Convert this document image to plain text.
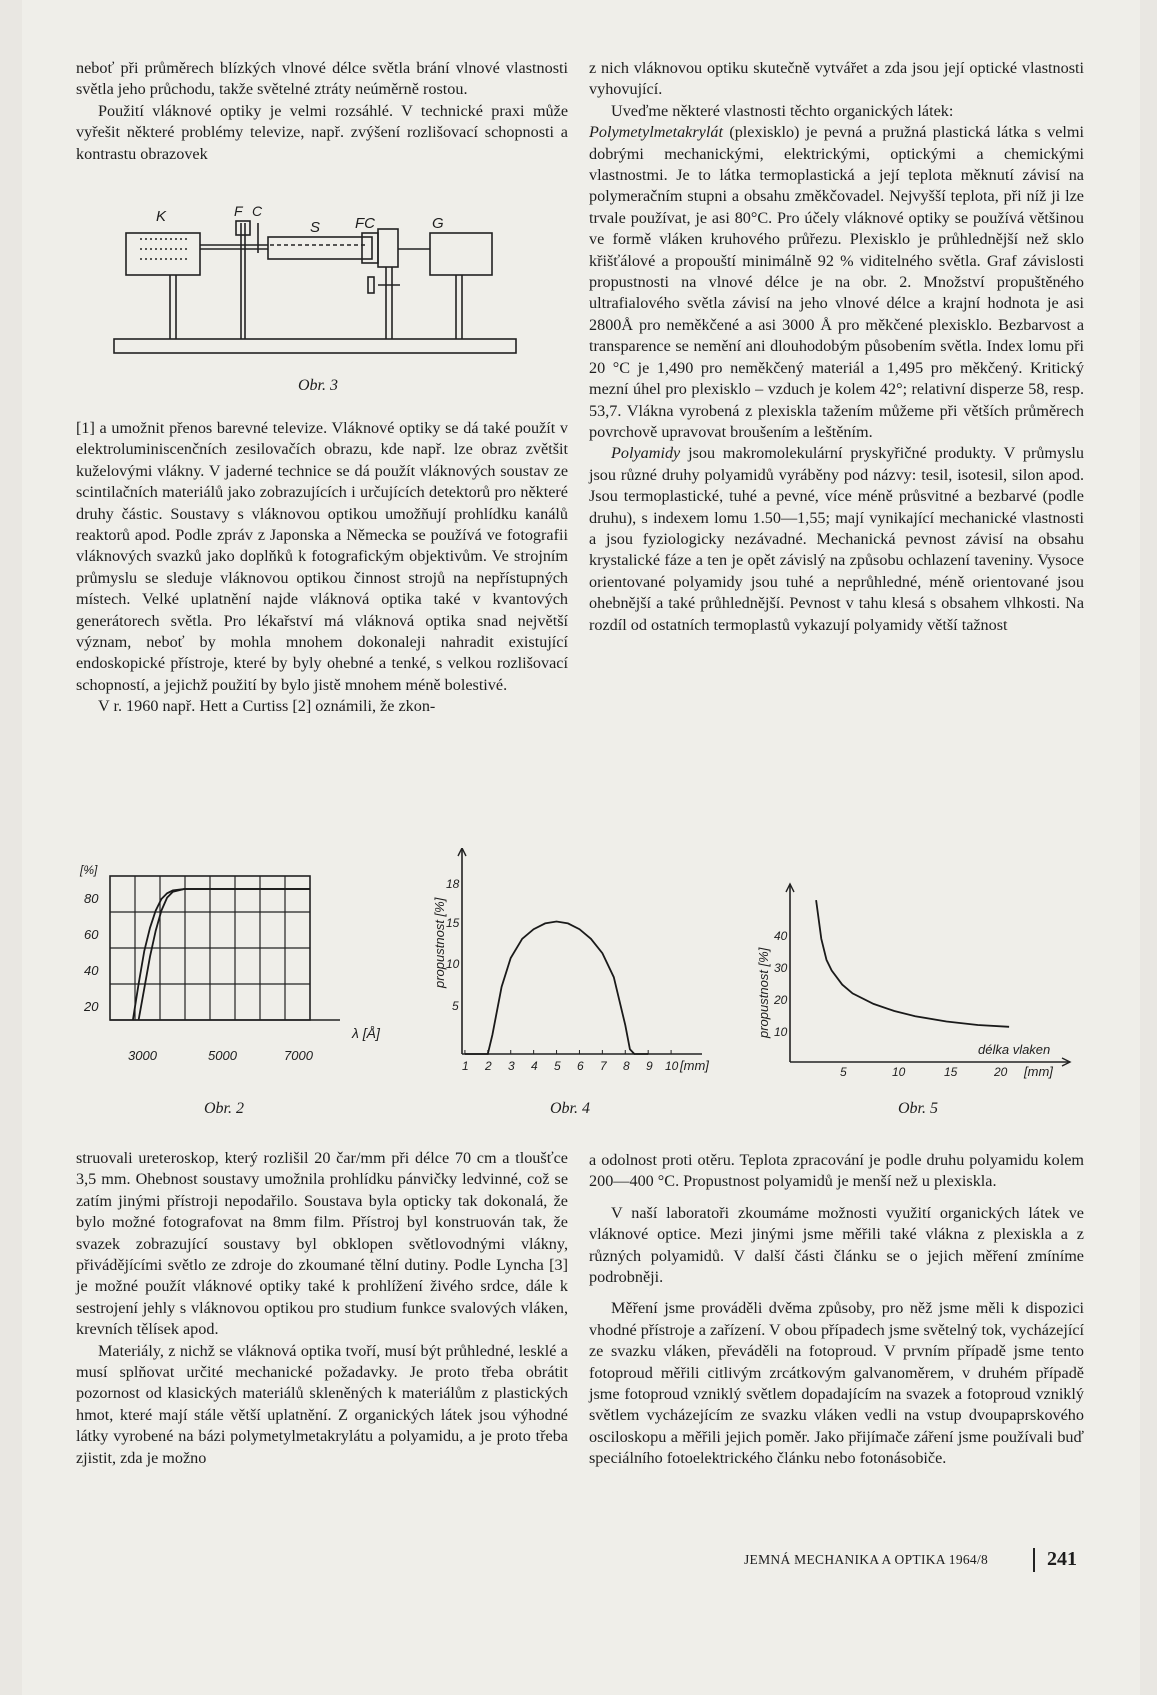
neboť při průměrech blízkých vlnové délce světla brání vlnové vlastnosti světla jeho průchodu, takže světelné ztráty neúměrně rostou.

Použití vláknové optiky je velmi rozsáhlé. V technické praxi může vyřešit některé problémy televize, např. zvýšení rozlišovací schopnosti a kontrastu obrazovek

K	F C
S FC	G
Obr. 3

[1] a umožnit přenos barevné televize. Vláknové optiky se dá také použít v elektroluminiscenčních zesilovačích obrazu, kde např. lze obraz zvětšit kuželovými vlákny. V jaderné technice se dá použít vláknových soustav ze scintilačních materiálů jako zobrazujících i určujících detektorů pro některé druhy částic. Soustavy s vláknovou optikou umožňují prohlídku kanálů reaktorů apod. Podle zpráv z Japonska a Německa se používá ve fotografii vláknových svazků jako doplňků k fotografickým objektivům. Ve strojním průmyslu se sleduje vláknovou optikou činnost strojů na nepřístupných místech. Velké uplatnění najde vláknová optika také v kvantových generátorech světla. Pro lékařství má vláknová optika snad největší význam, neboť by mohla mnohem dokonaleji nahradit existující endoskopické přístroje, které by byly ohebné a tenké, s velkou rozlišovací schopností, a jejichž použití by bylo jistě mnohem méně bolestivé.

V r. 1960 např. Hett a Curtiss [2] oznámili, že zkon-

z nich vláknovou optiku skutečně vytvářet a zda jsou její optické vlastnosti vyhovující.

Uveďme některé vlastnosti těchto organických látek:
Polymetylmetakrylát (plexisklo) je pevná a pružná plastická látka s velmi dobrými mechanickými, elektrickými, optickými a chemickými vlastnostmi. Je to látka termoplastická a její teplota měknutí závisí na polymeračním stupni a obsahu změkčovadel. Nejvyšší teplota, při níž ji lze trvale používat, je asi 80°C. Pro účely vláknové optiky se používá většinou ve formě vláken kruhového průřezu. Plexisklo je průhlednější než sklo křišťálové a propouští minimálně 92 % viditelného světla. Graf závislosti propustnosti na vlnové délce je na obr. 2. Množství propuštěného ultrafialového světla závisí na jeho vlnové délce a krajní hodnota je asi 2800Å pro neměkčené a asi 3000 Å pro měkčené plexisklo. Bezbarvost a transparence se nemění ani dlouhodobým působením světla. Index lomu při 20 °C je 1,490 pro neměkčený materiál a 1,495 pro měkčený. Kritický mezní úhel pro plexisklo – vzduch je kolem 42°; relativní disperze 58, resp. 53,7. Vlákna vyrobená z plexiskla tažením můžeme při větších průměrech povrchově upravovat broušením a leštěním.

Polyamidy jsou makromolekulární pryskyřičné produkty. V průmyslu jsou různé druhy polyamidů vyráběny pod názvy: tesil, isotesil, silon apod. Jsou termoplastické, tuhé a pevné, více méně průsvitné a bezbarvé (podle druhu), s indexem lomu 1.50—1,55; mají vynikající mechanické vlastnosti a jsou fyziologicky nezávadné. Mechanická pevnost závisí na obsahu krystalické fáze a ten je opět závislý na způsobu ochlazení taveniny. Vysoce orientované polyamidy jsou tuhé a neprůhledné, méně orientované jsou ohebnější a také průhlednější. Pevnost v tahu klesá s obsahem vlhkosti. Na rozdíl od ostatních termoplastů vykazují polyamidy větší tažnost

[%]
λ [Å]
80
60
40
20
3000	5000	7000
Obr. 2
propustnost [%]
[mm]
18
15
10
5
1 2 3 4 5 6 7 8 9 10
Obr. 4
propustnost [%]
délka vlaken
[mm]
40
30
20
10
5	10	15	20
Obr. 5

struovali ureteroskop, který rozlišil 20 čar/mm při délce 70 cm a tloušťce 3,5 mm. Ohebnost soustavy umožnila prohlídku pánvičky ledvinné, což se zatím jinými přístroji nepodařilo. Soustava byla opticky tak dokonalá, že bylo možné fotografovat na 8mm film. Přístroj byl konstruován tak, že svazek zobrazující soustavy byl obklopen světlovodnými vlákny, přivádějícími světlo ze zdroje do zkoumané tělní dutiny. Podle Lyncha [3] je možné použít vláknové optiky také k prohlížení živého srdce, dále k sestrojení jehly s vláknovou optikou pro studium funkce svalových vláken, krevních tělísek apod.

Materiály, z nichž se vláknová optika tvoří, musí být průhledné, lesklé a musí splňovat určité mechanické požadavky. Je proto třeba obrátit pozornost od klasických materiálů skleněných k materiálům z plastických hmot, které mají stále větší uplatnění. Z organických látek jsou výhodné látky vyrobené na bázi polymetylmetakrylátu a polyamidu, a je proto třeba zjistit, zda je možno

a odolnost proti otěru. Teplota zpracování je podle druhu polyamidu kolem 200—400 °C. Propustnost polyamidů je menší než u plexiskla.

V naší laboratoři zkoumáme možnosti využití organických látek ve vláknové optice. Mezi jinými jsme měřili také vlákna z plexiskla a z různých polyamidů. V další části článku se o jejich měření zmíníme podrobněji.

Měření jsme prováděli dvěma způsoby, pro něž jsme měli k dispozici vhodné přístroje a zařízení. V obou případech jsme světelný tok, vycházející ze svazku vláken, převáděli na fotoproud. V prvním případě jsme tento fotoproud měřili citlivým zrcátkovým galvanoměrem, v druhém případě jsme fotoproud vzniklý světlem dopadajícím na svazek a fotoproud vzniklý světlem vycházejícím ze svazku vláken vedli na vstup dvoupaprskového osciloskopu a měřili jejich poměr. Jako přijímače záření jsme používali buď speciálního fotoelektrického článku nebo fotonásobiče.

JEMNÁ MECHANIKA A OPTIKA 1964/8	241
